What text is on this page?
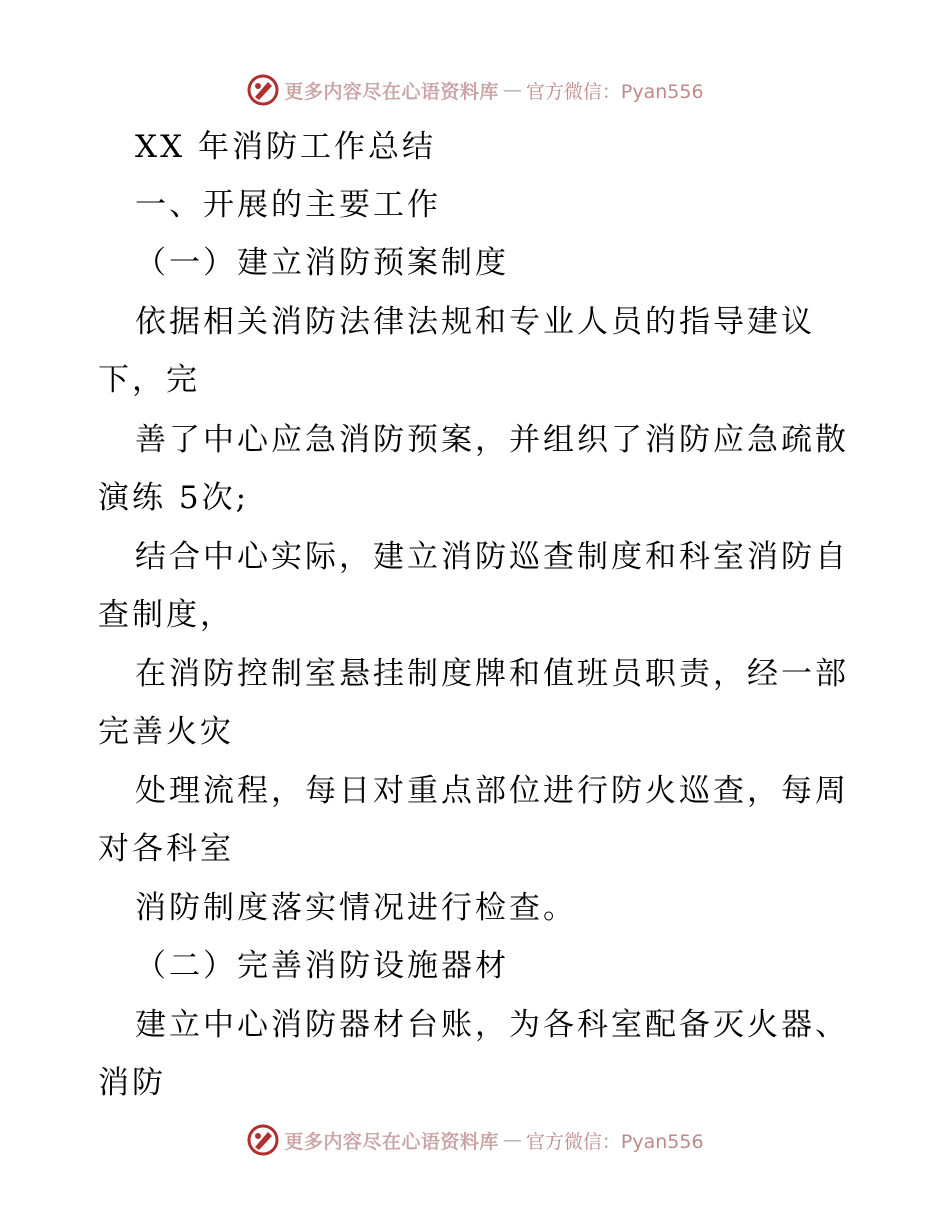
更多内容尽在心语资料库 — 官方微信：Pyan556
XX 年消防工作总结
一、开展的主要工作
（一）建立消防预案制度
依据相关消防法律法规和专业人员的指导建议
下，完
善了中心应急消防预案，并组织了消防应急疏散
演练 5次;
结合中心实际，建立消防巡查制度和科室消防自
查制度，
在消防控制室悬挂制度牌和值班员职责，经一部
完善火灾
处理流程，每日对重点部位进行防火巡查，每周
对各科室
消防制度落实情况进行检查。
（二）完善消防设施器材
建立中心消防器材台账，为各科室配备灭火器、
消防
更多内容尽在心语资料库 — 官方微信：Pyan556
